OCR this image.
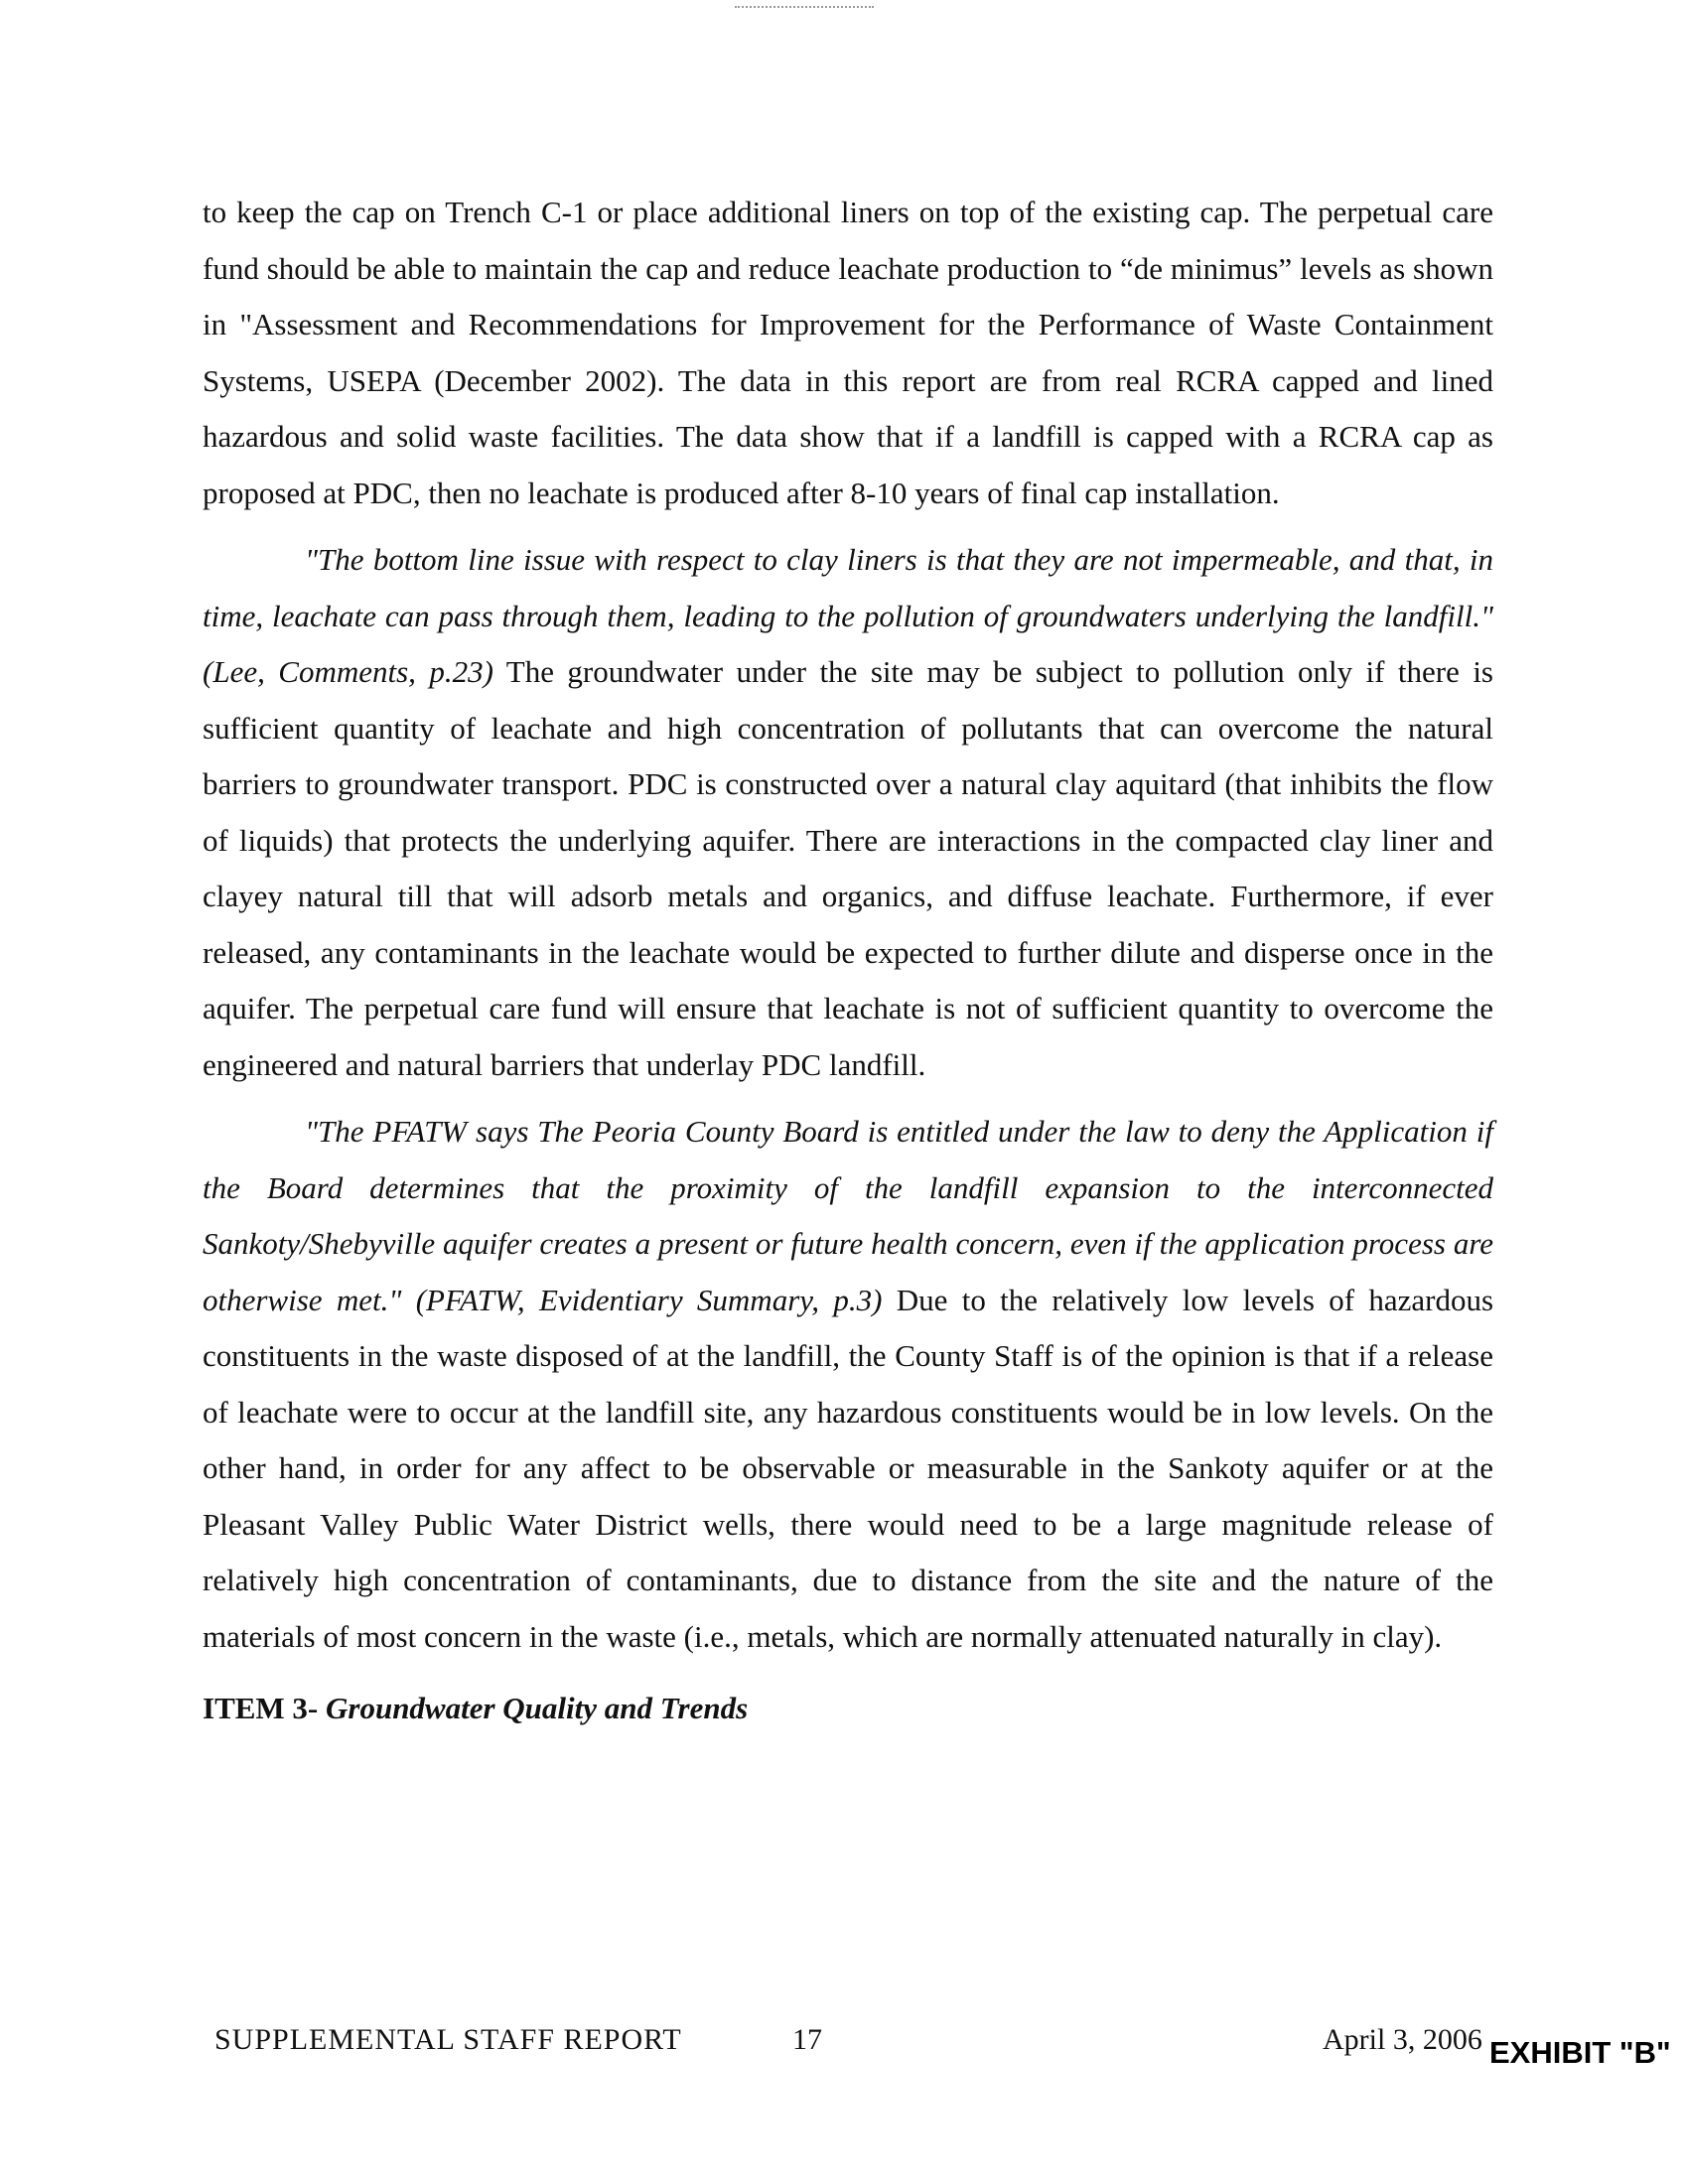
to keep the cap on Trench C-1 or place additional liners on top of the existing cap. The perpetual care fund should be able to maintain the cap and reduce leachate production to “de minimus” levels as shown in "Assessment and Recommendations for Improvement for the Performance of Waste Containment Systems, USEPA (December 2002). The data in this report are from real RCRA capped and lined hazardous and solid waste facilities. The data show that if a landfill is capped with a RCRA cap as proposed at PDC, then no leachate is produced after 8-10 years of final cap installation.

"The bottom line issue with respect to clay liners is that they are not impermeable, and that, in time, leachate can pass through them, leading to the pollution of groundwaters underlying the landfill." (Lee, Comments, p.23) The groundwater under the site may be subject to pollution only if there is sufficient quantity of leachate and high concentration of pollutants that can overcome the natural barriers to groundwater transport. PDC is constructed over a natural clay aquitard (that inhibits the flow of liquids) that protects the underlying aquifer. There are interactions in the compacted clay liner and clayey natural till that will adsorb metals and organics, and diffuse leachate. Furthermore, if ever released, any contaminants in the leachate would be expected to further dilute and disperse once in the aquifer. The perpetual care fund will ensure that leachate is not of sufficient quantity to overcome the engineered and natural barriers that underlay PDC landfill.

"The PFATW says The Peoria County Board is entitled under the law to deny the Application if the Board determines that the proximity of the landfill expansion to the interconnected Sankoty/Shebyville aquifer creates a present or future health concern, even if the application process are otherwise met." (PFATW, Evidentiary Summary, p.3) Due to the relatively low levels of hazardous constituents in the waste disposed of at the landfill, the County Staff is of the opinion is that if a release of leachate were to occur at the landfill site, any hazardous constituents would be in low levels. On the other hand, in order for any affect to be observable or measurable in the Sankoty aquifer or at the Pleasant Valley Public Water District wells, there would need to be a large magnitude release of relatively high concentration of contaminants, due to distance from the site and the nature of the materials of most concern in the waste (i.e., metals, which are normally attenuated naturally in clay).

ITEM 3- Groundwater Quality and Trends
SUPPLEMENTAL STAFF REPORT	17	April 3, 2006 EXHIBIT "B"
